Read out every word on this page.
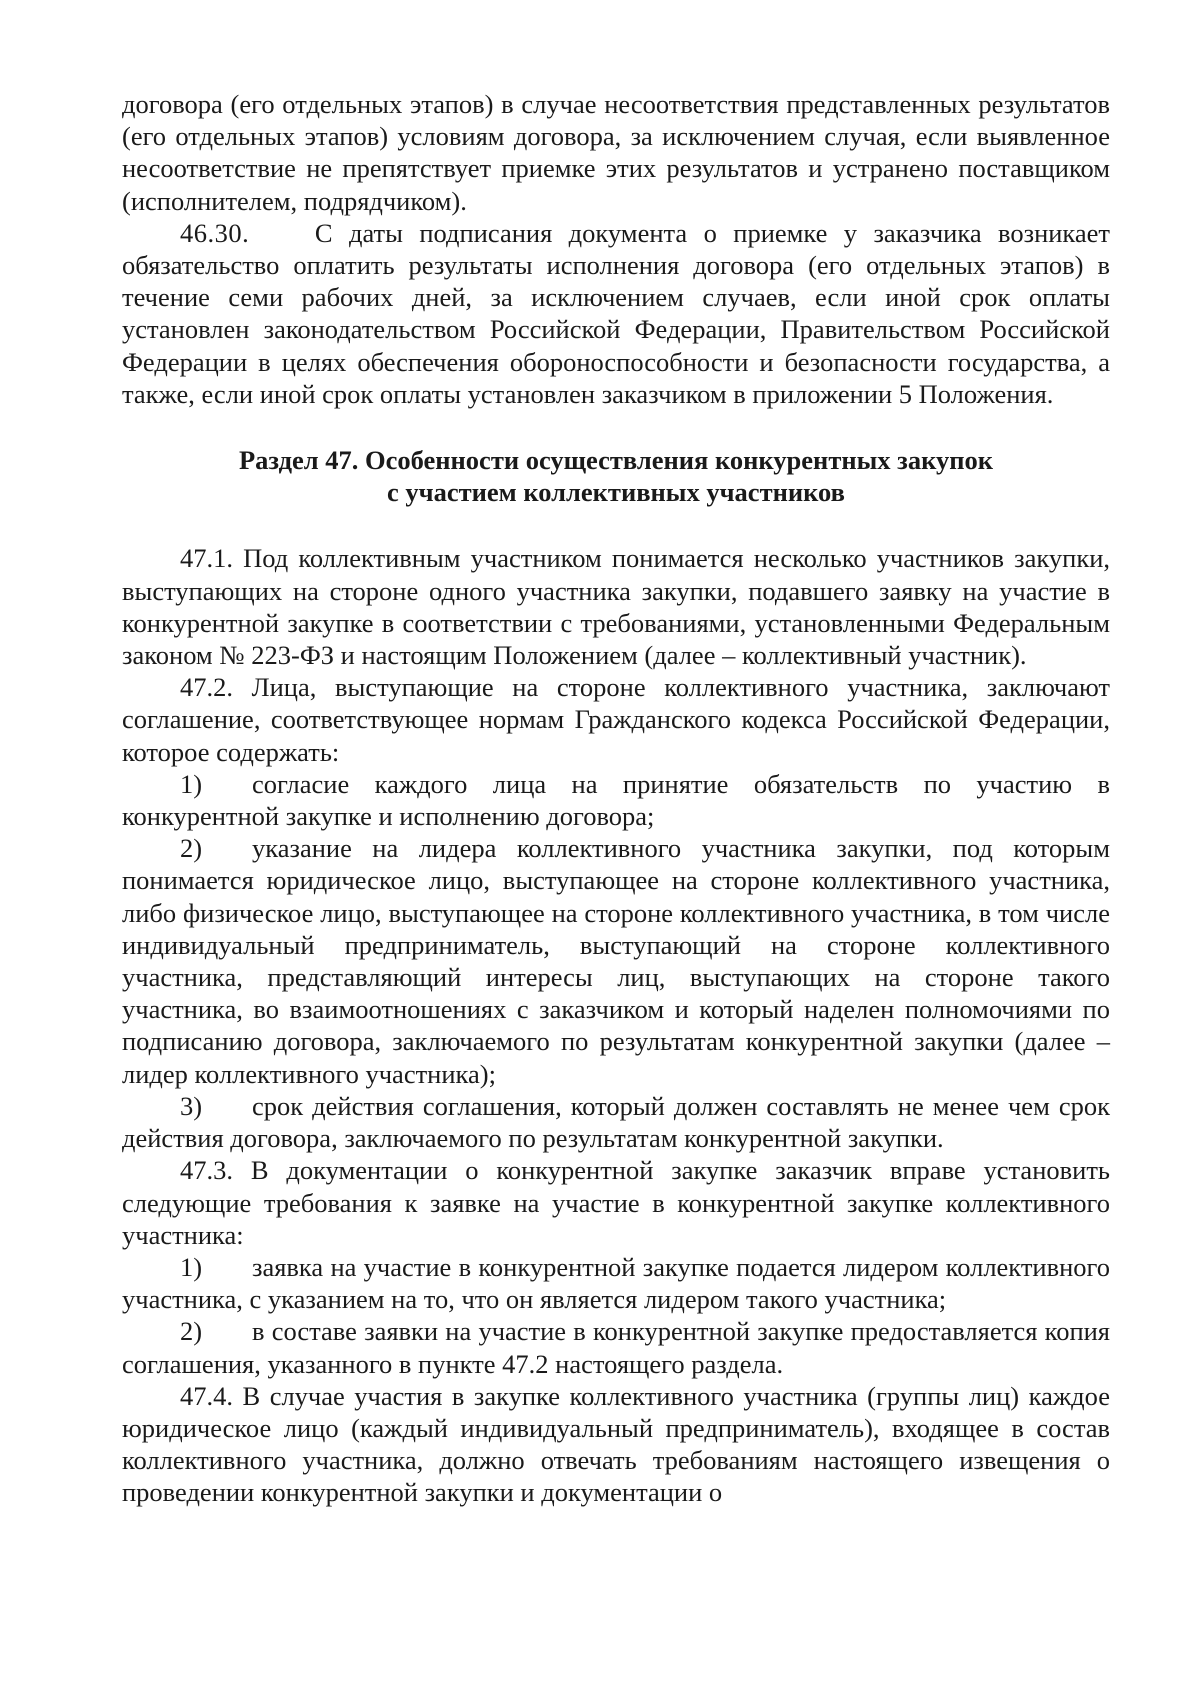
договора (его отдельных этапов) в случае несоответствия представленных результатов (его отдельных этапов) условиям договора, за исключением случая, если выявленное несоответствие не препятствует приемке этих результатов и устранено поставщиком (исполнителем, подрядчиком).

46.30. С даты подписания документа о приемке у заказчика возникает обязательство оплатить результаты исполнения договора (его отдельных этапов) в течение семи рабочих дней, за исключением случаев, если иной срок оплаты установлен законодательством Российской Федерации, Правительством Российской Федерации в целях обеспечения обороноспособности и безопасности государства, а также, если иной срок оплаты установлен заказчиком в приложении 5 Положения.

Раздел 47. Особенности осуществления конкурентных закупок
с участием коллективных участников

47.1. Под коллективным участником понимается несколько участников закупки, выступающих на стороне одного участника закупки, подавшего заявку на участие в конкурентной закупке в соответствии с требованиями, установленными Федеральным законом № 223-ФЗ и настоящим Положением (далее – коллективный участник).

47.2. Лица, выступающие на стороне коллективного участника, заключают соглашение, соответствующее нормам Гражданского кодекса Российской Федерации, которое содержать:

1) согласие каждого лица на принятие обязательств по участию в конкурентной закупке и исполнению договора;

2) указание на лидера коллективного участника закупки, под которым понимается юридическое лицо, выступающее на стороне коллективного участника, либо физическое лицо, выступающее на стороне коллективного участника, в том числе индивидуальный предприниматель, выступающий на стороне коллективного участника, представляющий интересы лиц, выступающих на стороне такого участника, во взаимоотношениях с заказчиком и который наделен полномочиями по подписанию договора, заключаемого по результатам конкурентной закупки (далее – лидер коллективного участника);

3) срок действия соглашения, который должен составлять не менее чем срок действия договора, заключаемого по результатам конкурентной закупки.

47.3. В документации о конкурентной закупке заказчик вправе установить следующие требования к заявке на участие в конкурентной закупке коллективного участника:

1) заявка на участие в конкурентной закупке подается лидером коллективного участника, с указанием на то, что он является лидером такого участника;

2) в составе заявки на участие в конкурентной закупке предоставляется копия соглашения, указанного в пункте 47.2 настоящего раздела.

47.4. В случае участия в закупке коллективного участника (группы лиц) каждое юридическое лицо (каждый индивидуальный предприниматель), входящее в состав коллективного участника, должно отвечать требованиям настоящего извещения о проведении конкурентной закупки и документации о
